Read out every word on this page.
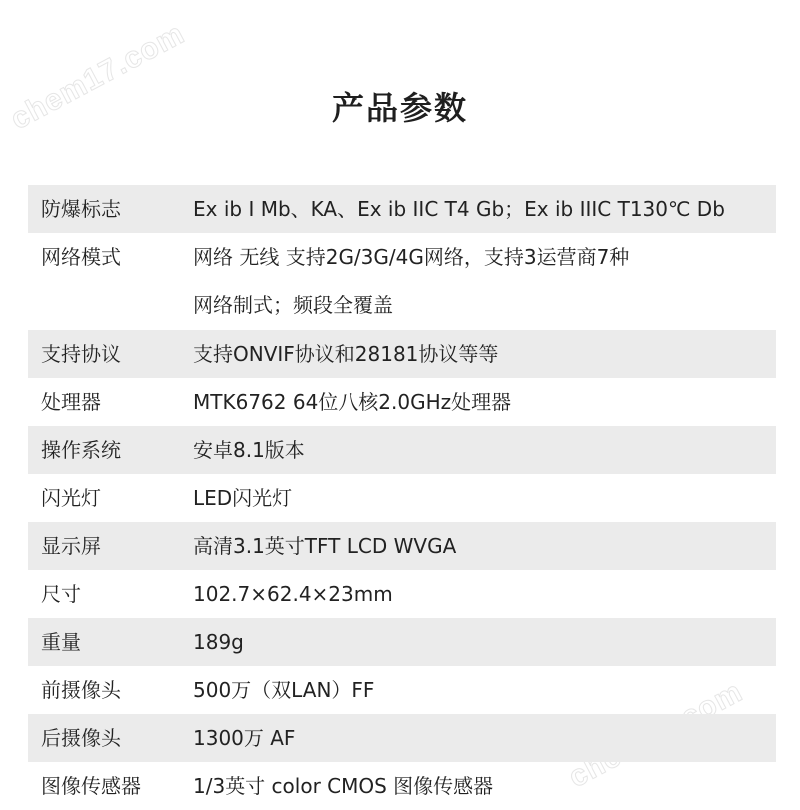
chem17.com	产品参数
防爆标志	Ex ib I Mb、KA、Ex ib IIC T4 Gb；Ex ib IIIC T130℃ Db
网络模式	网络 无线 支持2G/3G/4G网络，支持3运营商7种
网络制式；频段全覆盖
支持协议	支持ONVIF协议和28181协议等等
处理器	MTK6762 64位八核2.0GHz处理器
操作系统	安卓8.1版本
闪光灯	LED闪光灯
显示屏	高清3.1英寸TFT LCD WVGA
尺寸	102.7×62.4×23mm
重量	189g
前摄像头	500万（双LAN）FF
后摄像头	1300万 AF
图像传感器	1/3英寸 color CMOS 图像传感器
